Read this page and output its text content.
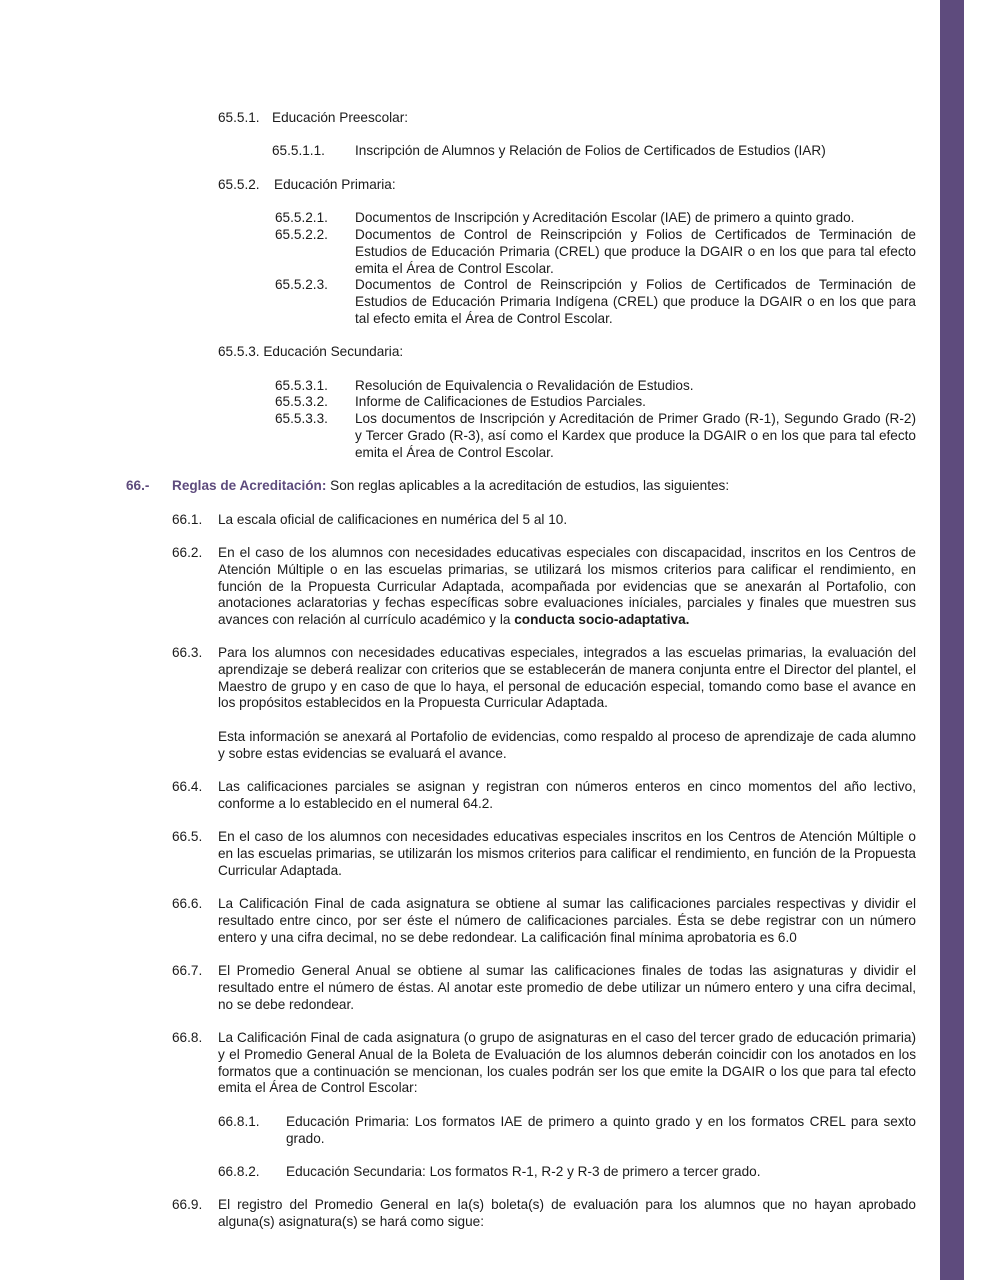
65.5.1. Educación Preescolar:
65.5.1.1.	Inscripción de Alumnos y Relación de Folios de Certificados de Estudios (IAR)
65.5.2.	Educación Primaria:
65.5.2.1.	Documentos de Inscripción y Acreditación Escolar (IAE) de primero a quinto grado.
65.5.2.2.	Documentos de Control de Reinscripción y Folios de Certificados de Terminación de Estudios de Educación Primaria (CREL) que produce la DGAIR o en los que para tal efecto emita el Área de Control Escolar.
65.5.2.3.	Documentos de Control de Reinscripción y Folios de Certificados de Terminación de Estudios de Educación Primaria Indígena (CREL) que produce la DGAIR o en los que para tal efecto emita el Área de Control Escolar.
65.5.3. Educación Secundaria:
65.5.3.1.	Resolución de Equivalencia o Revalidación de Estudios.
65.5.3.2.	Informe de Calificaciones de Estudios Parciales.
65.5.3.3.	Los documentos de Inscripción y Acreditación de Primer Grado (R-1), Segundo Grado (R-2) y Tercer Grado (R-3), así como el Kardex que produce la DGAIR o en los que para tal efecto emita el Área de Control Escolar.
66.-	Reglas de Acreditación: Son reglas aplicables a la acreditación de estudios, las siguientes:
66.1.	La escala oficial de calificaciones en numérica del 5 al 10.
66.2.	En el caso de los alumnos con necesidades educativas especiales con discapacidad, inscritos en los Centros de Atención Múltiple o en las escuelas primarias, se utilizará los mismos criterios para calificar el rendimiento, en función de la Propuesta Curricular Adaptada, acompañada por evidencias que se anexarán al Portafolio, con anotaciones aclaratorias y fechas específicas sobre evaluaciones iníciales, parciales y finales que muestren sus avances con relación al currículo académico y la conducta socio-adaptativa.
66.3.	Para los alumnos con necesidades educativas especiales, integrados a las escuelas primarias, la evaluación del aprendizaje se deberá realizar con criterios que se establecerán de manera conjunta entre el Director del plantel, el Maestro de grupo y en caso de que lo haya, el personal de educación especial, tomando como base el avance en los propósitos establecidos en la Propuesta Curricular Adaptada.

Esta información se anexará al Portafolio de evidencias, como respaldo al proceso de aprendizaje de cada alumno y sobre estas evidencias se evaluará el avance.

66.4.	Las calificaciones parciales se asignan y registran con números enteros en cinco momentos del año lectivo, conforme a lo establecido en el numeral 64.2.
66.5.	En el caso de los alumnos con necesidades educativas especiales inscritos en los Centros de Atención Múltiple o en las escuelas primarias, se utilizarán los mismos criterios para calificar el rendimiento, en función de la Propuesta Curricular Adaptada.
66.6.	La Calificación Final de cada asignatura se obtiene al sumar las calificaciones parciales respectivas y dividir el resultado entre cinco, por ser éste el número de calificaciones parciales. Ésta se debe registrar con un número entero y una cifra decimal, no se debe redondear. La calificación final mínima aprobatoria es 6.0
66.7.	El Promedio General Anual se obtiene al sumar las calificaciones finales de todas las asignaturas y dividir el resultado entre el número de éstas. Al anotar este promedio de debe utilizar un número entero y una cifra decimal, no se debe redondear.
66.8.	La Calificación Final de cada asignatura (o grupo de asignaturas en el caso del tercer grado de educación primaria) y el Promedio General Anual de la Boleta de Evaluación de los alumnos deberán coincidir con los anotados en los formatos que a continuación se mencionan, los cuales podrán ser los que emite la DGAIR o los que para tal efecto emita el Área de Control Escolar:
66.8.1.	Educación Primaria: Los formatos IAE de primero a quinto grado y en los formatos CREL para sexto grado.
66.8.2.	Educación Secundaria: Los formatos R-1, R-2 y R-3 de primero a tercer grado.
66.9.	El registro del Promedio General en la(s) boleta(s) de evaluación para los alumnos que no hayan aprobado alguna(s) asignatura(s) se hará como sigue:
